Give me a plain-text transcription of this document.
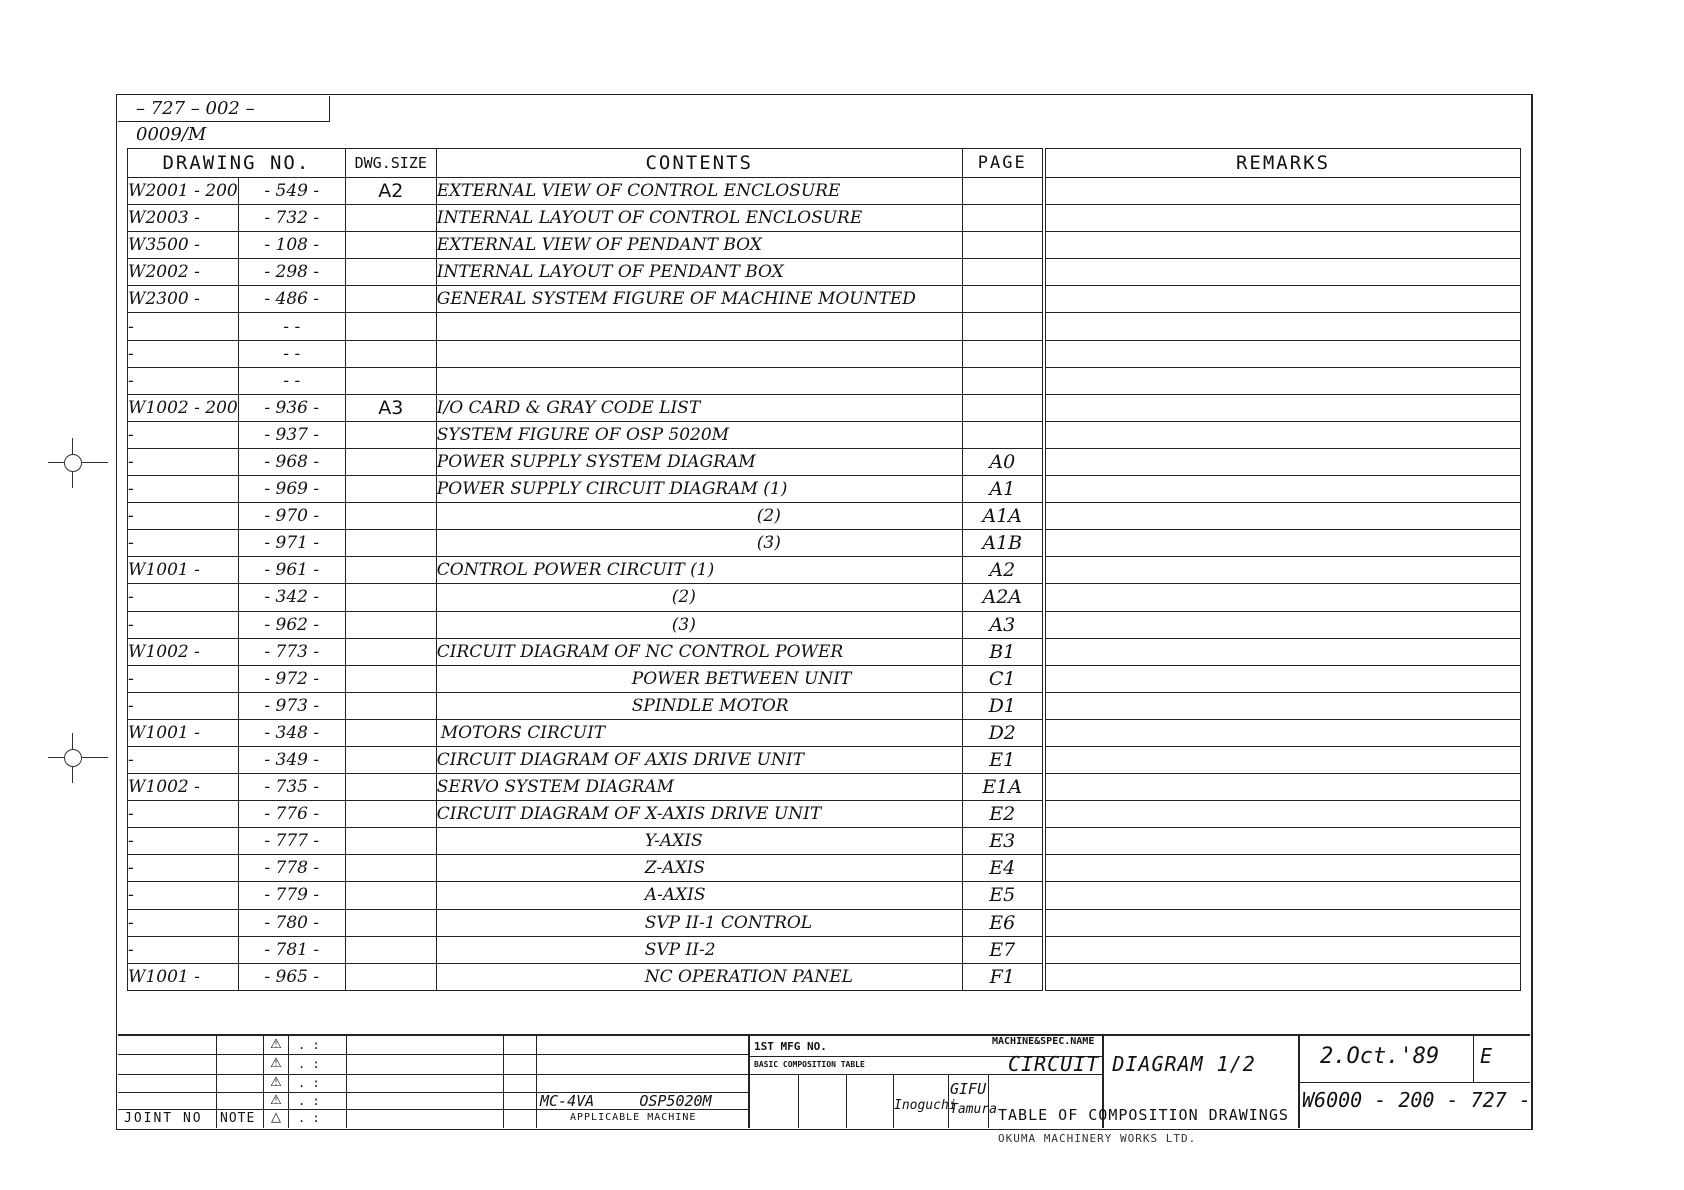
– 727 – 002 – 0009/M
DRAWING NO.		DWG.SIZE	CONTENTS	PAGE
W2001 - 200	- 549 -	A2	EXTERNAL VIEW OF CONTROL ENCLOSURE	
W2003 -	- 732 -		INTERNAL LAYOUT OF CONTROL ENCLOSURE	
W3500 -	- 108 -		EXTERNAL VIEW OF PENDANT BOX	
W2002 -	- 298 -		INTERNAL LAYOUT OF PENDANT BOX	
W2300 -	- 486 -		GENERAL SYSTEM FIGURE OF MACHINE MOUNTED	
-	- -			
-	- -			
-	- -			
W1002 - 200	- 936 -	A3	I/O CARD & GRAY CODE LIST	
-	- 937 -		SYSTEM FIGURE OF OSP 5020M	
-	- 968 -		POWER SUPPLY SYSTEM DIAGRAM	A0
-	- 969 -		POWER SUPPLY CIRCUIT DIAGRAM (1)	A1
-	- 970 -		(2)	A1A
-	- 971 -		(3)	A1B
W1001 -	- 961 -		CONTROL POWER CIRCUIT (1)	A2
-	- 342 -		(2)	A2A
-	- 962 -		(3)	A3
W1002 -	- 773 -		CIRCUIT DIAGRAM OF NC CONTROL POWER	B1
-	- 972 -		POWER BETWEEN UNIT	C1
-	- 973 -		SPINDLE MOTOR	D1
W1001 -	- 348 -		MOTORS CIRCUIT	D2
-	- 349 -		CIRCUIT DIAGRAM OF AXIS DRIVE UNIT	E1
W1002 -	- 735 -		SERVO SYSTEM DIAGRAM	E1A
-	- 776 -		CIRCUIT DIAGRAM OF X-AXIS DRIVE UNIT	E2
-	- 777 -		Y-AXIS	E3
-	- 778 -		Z-AXIS	E4
-	- 779 -		A-AXIS	E5
-	- 780 -		SVP II-1 CONTROL	E6
-	- 781 -		SVP II-2	E7
W1001 -	- 965 -		NC OPERATION PANEL	F1
REMARKS

⚠
⚠
⚠
⚠
△
. :
. :
. :
. :
. :
JOINT NO NOTE
MC-4VA     OSP5020M
APPLICABLE MACHINE
1ST MFG NO.
BASIC COMPOSITION TABLE
Inoguchi
GIFU
Tamura
MACHINE&SPEC.NAME
CIRCUIT DIAGRAM 1/2
TABLE OF COMPOSITION DRAWINGS
2.Oct.'89 E
W6000 - 200 - 727 -
OKUMA MACHINERY WORKS LTD.
